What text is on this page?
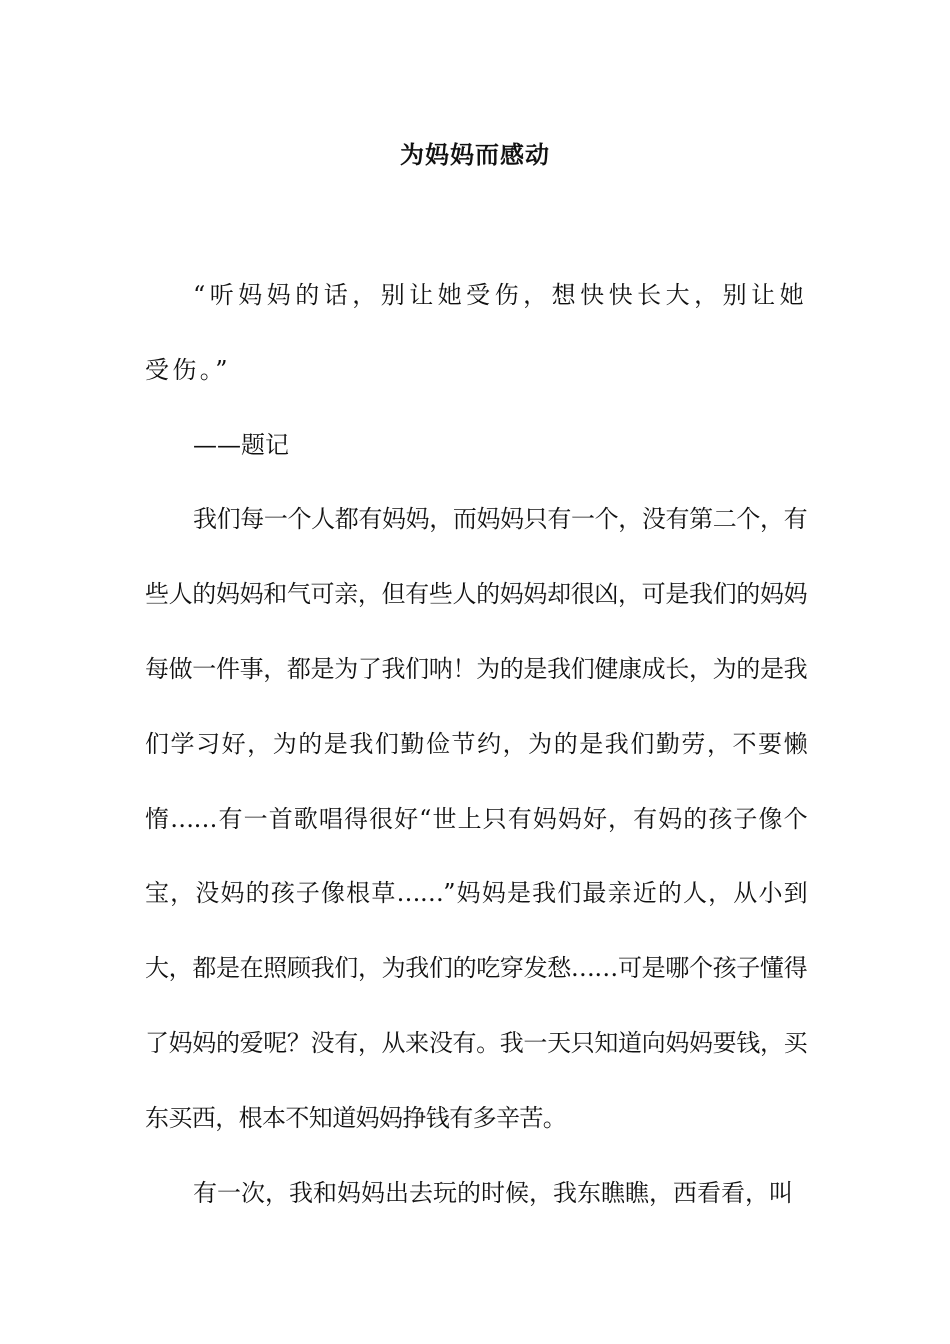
为妈妈而感动

“听妈妈的话，别让她受伤，想快快长大，别让她受伤。”

——题记

我们每一个人都有妈妈，而妈妈只有一个，没有第二个，有些人的妈妈和气可亲，但有些人的妈妈却很凶，可是我们的妈妈每做一件事，都是为了我们呐！为的是我们健康成长，为的是我们学习好，为的是我们勤俭节约，为的是我们勤劳，不要懒惰……有一首歌唱得很好“世上只有妈妈好，有妈的孩子像个宝，没妈的孩子像根草……”妈妈是我们最亲近的人，从小到大，都是在照顾我们，为我们的吃穿发愁……可是哪个孩子懂得了妈妈的爱呢？没有，从来没有。我一天只知道向妈妈要钱，买东买西，根本不知道妈妈挣钱有多辛苦。

有一次，我和妈妈出去玩的时候，我东瞧瞧，西看看，叫
